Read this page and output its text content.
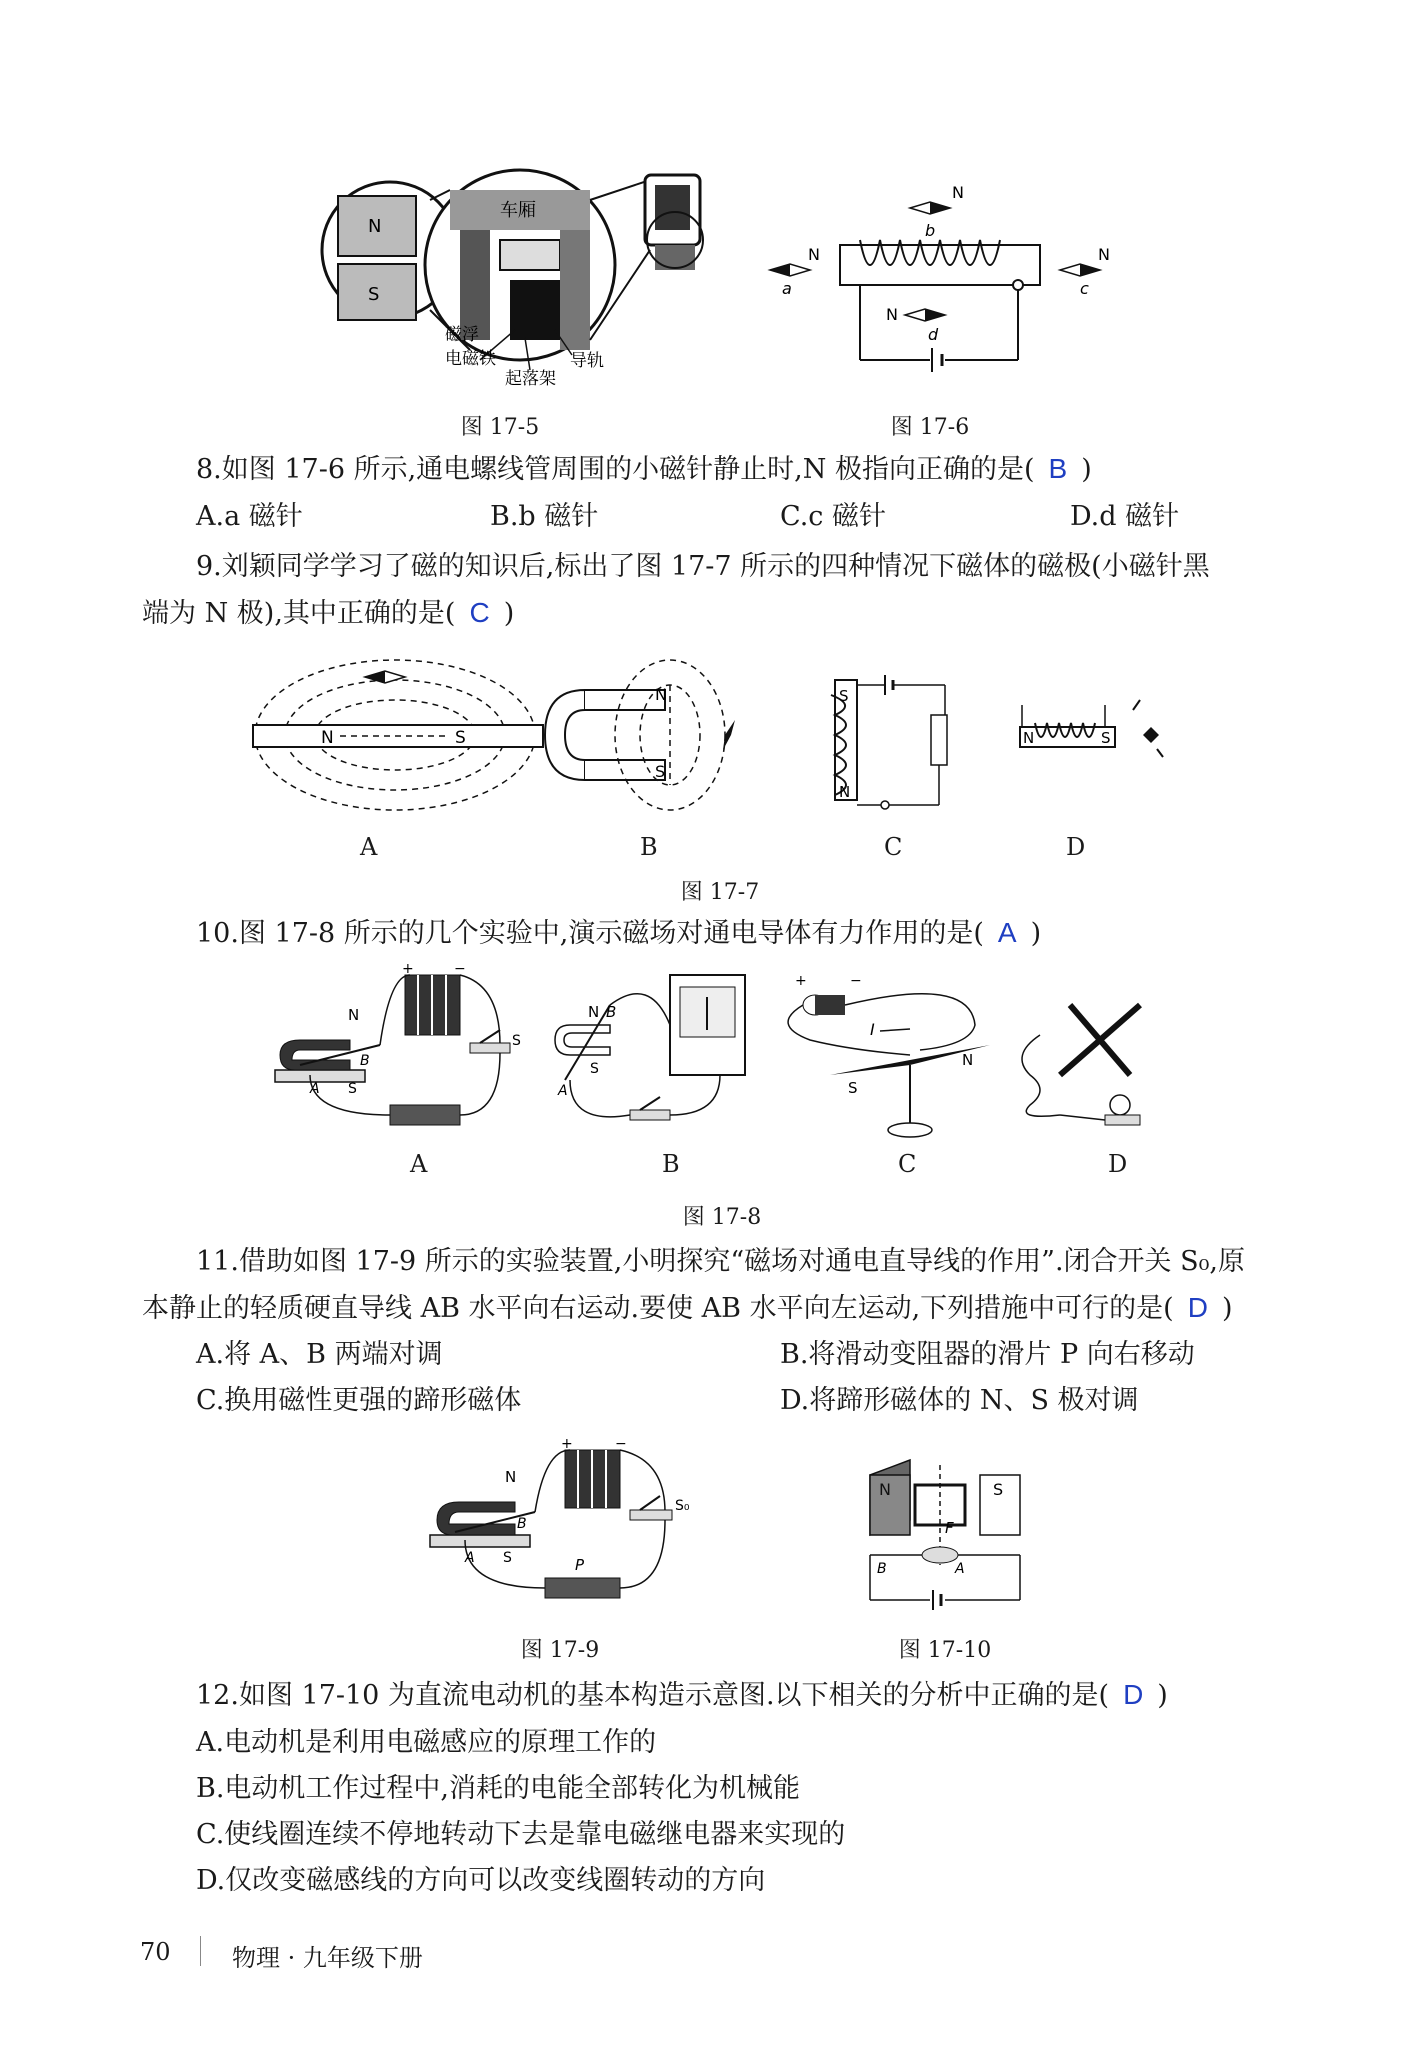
N
S
车厢
磁浮
电磁铁	导轨
起落架
图 17-5
N
b
N
a
N
c
N
d
图 17-6
8.如图 17-6 所示,通电螺线管周围的小磁针静止时,N 极指向正确的是( B )
A.a 磁针	B.b 磁针	C.c 磁针	D.d 磁针
9.刘颖同学学习了磁的知识后,标出了图 17-7 所示的四种情况下磁体的磁极(小磁针黑
端为 N 极),其中正确的是( C )
N	S
N
S
S
N
N	S
A	B	C	D
图 17-7
10.图 17-8 所示的几个实验中,演示磁场对通电导体有力作用的是( A )
N
B
A S
+	−
S
N B
A
S
+	−
I
N
S
A	B	C	D
图 17-8
11.借助如图 17-9 所示的实验装置,小明探究“磁场对通电直导线的作用”.闭合开关 S₀,原
本静止的轻质硬直导线 AB 水平向右运动.要使 AB 水平向左运动,下列措施中可行的是( D )
A.将 A、B 两端对调	B.将滑动变阻器的滑片 P 向右移动
C.换用磁性更强的蹄形磁体	D.将蹄形磁体的 N、S 极对调
N
B
A S
+	−
S₀
P
图 17-9
N	S
F
B	A
图 17-10
12.如图 17-10 为直流电动机的基本构造示意图.以下相关的分析中正确的是( D )
A.电动机是利用电磁感应的原理工作的
B.电动机工作过程中,消耗的电能全部转化为机械能
C.使线圈连续不停地转动下去是靠电磁继电器来实现的
D.仅改变磁感线的方向可以改变线圈转动的方向
70	物理 · 九年级下册
